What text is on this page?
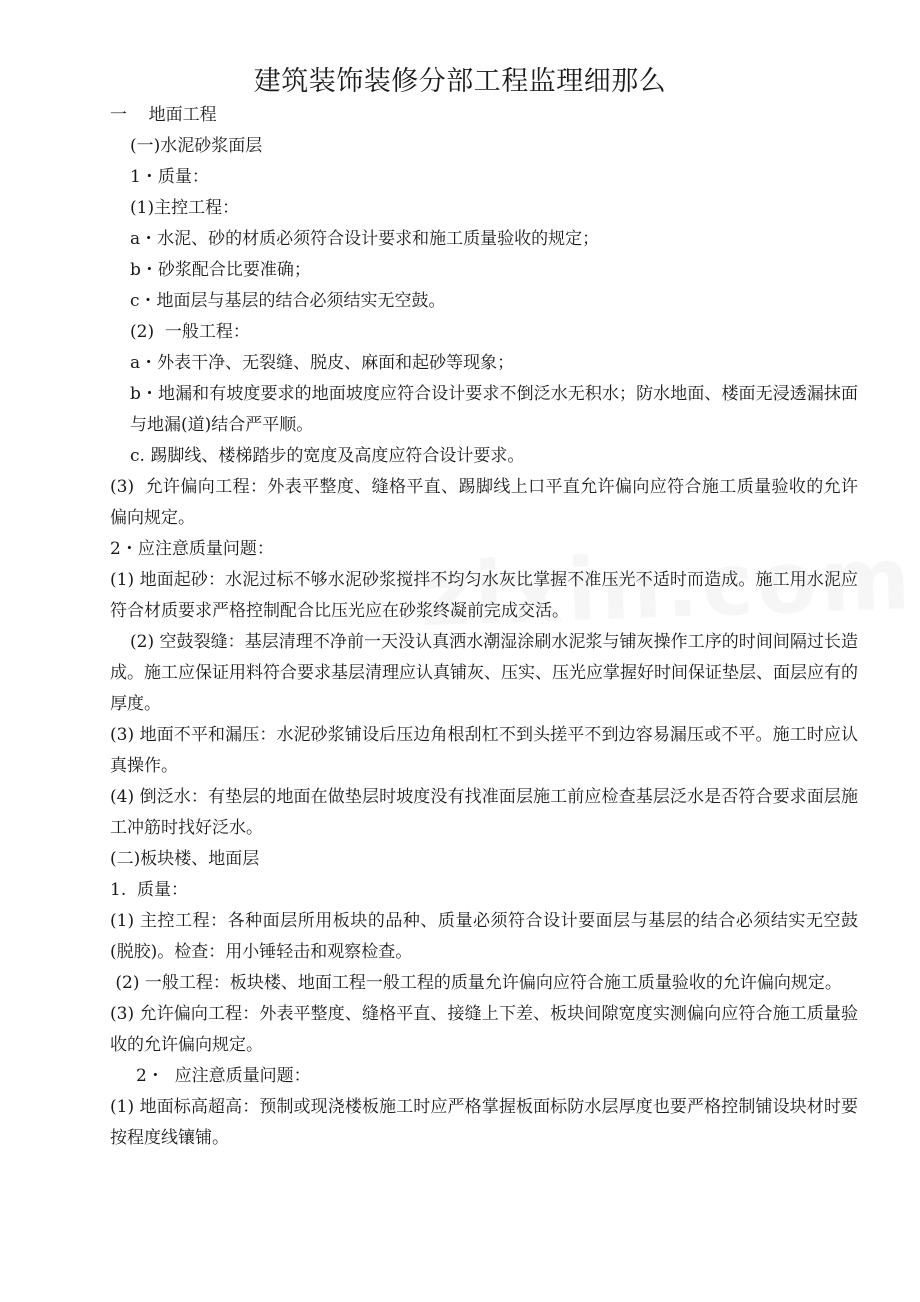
建筑装饰装修分部工程监理细那么

一    地面工程

(一)水泥砂浆面层

1・质量：

(1)主控工程：

a・水泥、砂的材质必须符合设计要求和施工质量验收的规定；

b・砂浆配合比要准确；

c・地面层与基层的结合必须结实无空鼓。

(2)  一般工程：

a・外表干净、无裂缝、脱皮、麻面和起砂等现象；

b・地漏和有坡度要求的地面坡度应符合设计要求不倒泛水无积水；防水地面、楼面无浸透漏抹面与地漏(道)结合严平顺。

c. 踢脚线、楼梯踏步的宽度及高度应符合设计要求。

(3)  允许偏向工程：外表平整度、缝格平直、踢脚线上口平直允许偏向应符合施工质量验收的允许偏向规定。

2・应注意质量问题：

(1) 地面起砂：水泥过标不够水泥砂浆搅拌不均匀水灰比掌握不准压光不适时而造成。施工用水泥应符合材质要求严格控制配合比压光应在砂浆终凝前完成交活。

(2) 空鼓裂缝：基层清理不净前一天没认真洒水潮湿涂刷水泥浆与铺灰操作工序的时间间隔过长造成。施工应保证用料符合要求基层清理应认真铺灰、压实、压光应掌握好时间保证垫层、面层应有的厚度。

(3) 地面不平和漏压：水泥砂浆铺设后压边角根刮杠不到头搓平不到边容易漏压或不平。施工时应认真操作。

(4) 倒泛水：有垫层的地面在做垫层时坡度没有找准面层施工前应检查基层泛水是否符合要求面层施工冲筋时找好泛水。

(二)板块楼、地面层

1.  质量：

(1) 主控工程：各种面层所用板块的品种、质量必须符合设计要面层与基层的结合必须结实无空鼓(脱胶)。检查：用小锤轻击和观察检查。

(2) 一般工程：板块楼、地面工程一般工程的质量允许偏向应符合施工质量验收的允许偏向规定。

(3) 允许偏向工程：外表平整度、缝格平直、接缝上下差、板块间隙宽度实测偏向应符合施工质量验收的允许偏向规定。

2・  应注意质量问题：

(1) 地面标高超高：预制或现浇楼板施工时应严格掌握板面标防水层厚度也要严格控制铺设块材时要按程度线镶铺。
